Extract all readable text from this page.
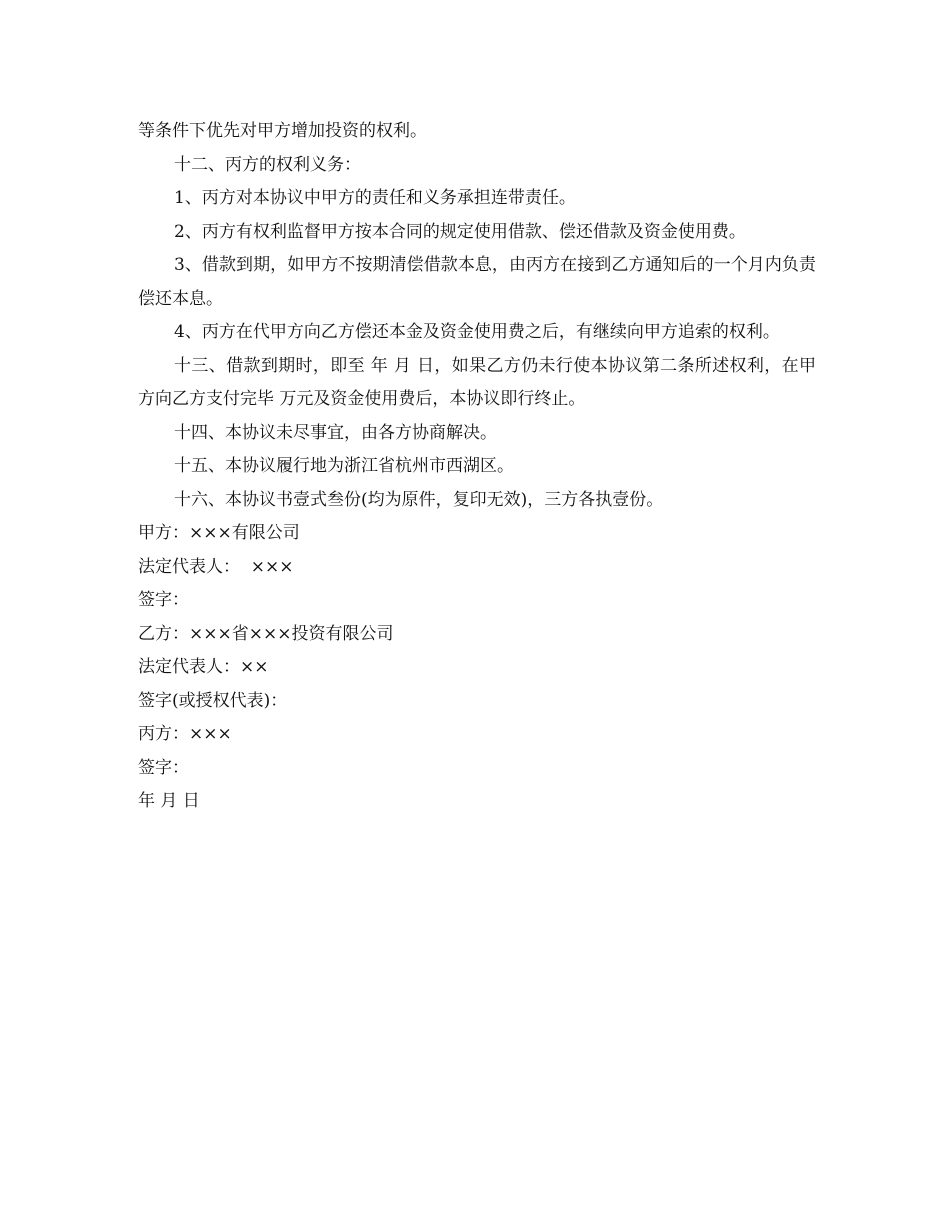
等条件下优先对甲方增加投资的权利。

十二、丙方的权利义务：

1、丙方对本协议中甲方的责任和义务承担连带责任。

2、丙方有权利监督甲方按本合同的规定使用借款、偿还借款及资金使用费。

3、借款到期，如甲方不按期清偿借款本息，由丙方在接到乙方通知后的一个月内负责偿还本息。

4、丙方在代甲方向乙方偿还本金及资金使用费之后，有继续向甲方追索的权利。

十三、借款到期时，即至 年 月 日，如果乙方仍未行使本协议第二条所述权利，在甲方向乙方支付完毕 万元及资金使用费后，本协议即行终止。

十四、本协议未尽事宜，由各方协商解决。

十五、本协议履行地为浙江省杭州市西湖区。

十六、本协议书壹式叁份(均为原件，复印无效)，三方各执壹份。

甲方：×××有限公司

法定代表人：  ×××

签字：

乙方：×××省×××投资有限公司

法定代表人：××

签字(或授权代表)：

丙方：×××

签字：

年 月 日
